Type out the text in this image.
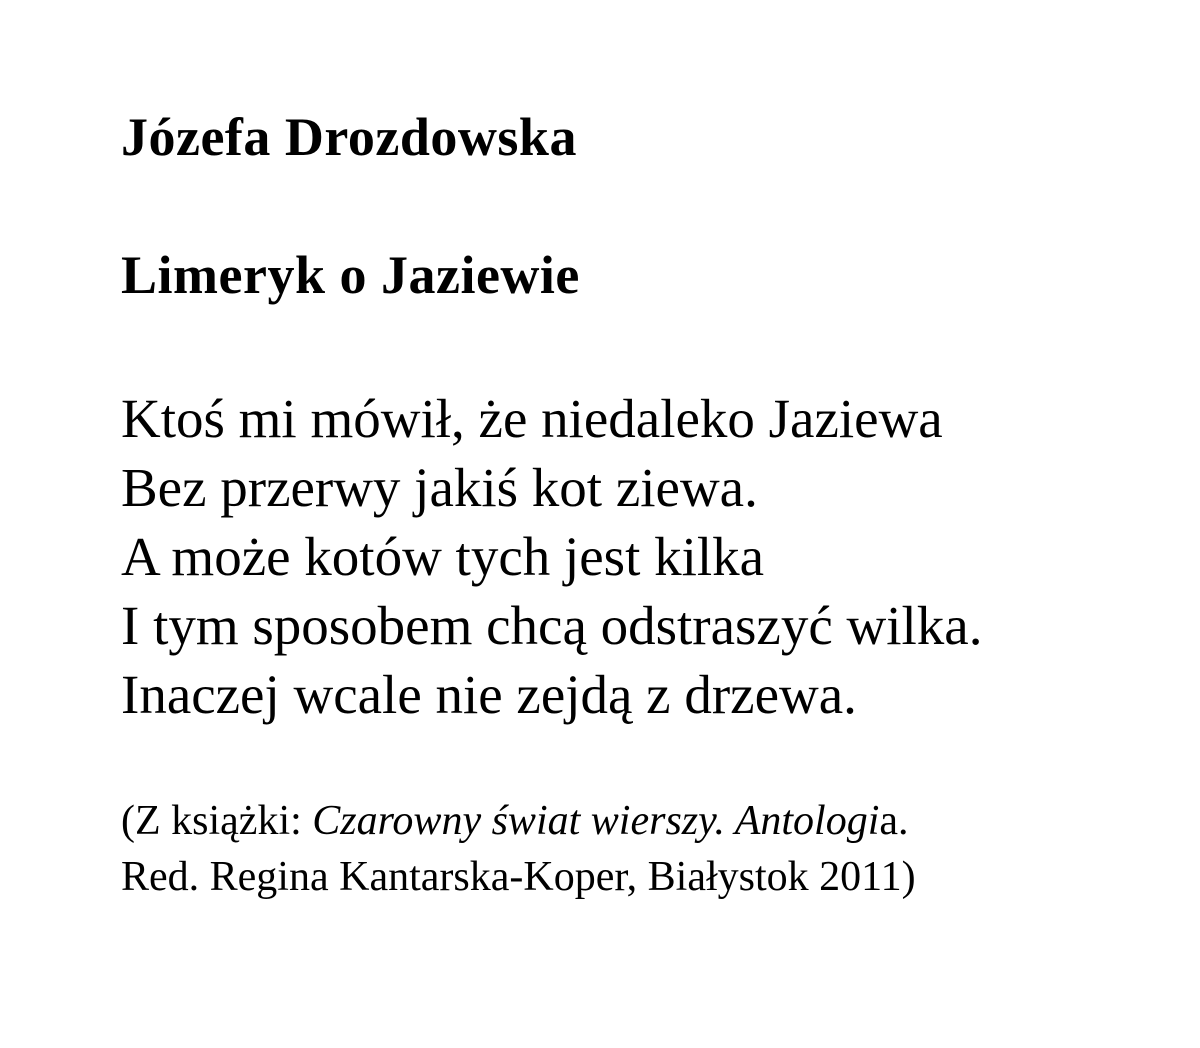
Józefa Drozdowska

Limeryk o Jaziewie

Ktoś mi mówił, że niedaleko Jaziewa
Bez przerwy jakiś kot ziewa.
A może kotów tych jest kilka
I tym sposobem chcą odstraszyć wilka.
Inaczej wcale nie zejdą z drzewa.

(Z książki: Czarowny świat wierszy. Antologia.

Red. Regina Kantarska-Koper, Białystok 2011)
